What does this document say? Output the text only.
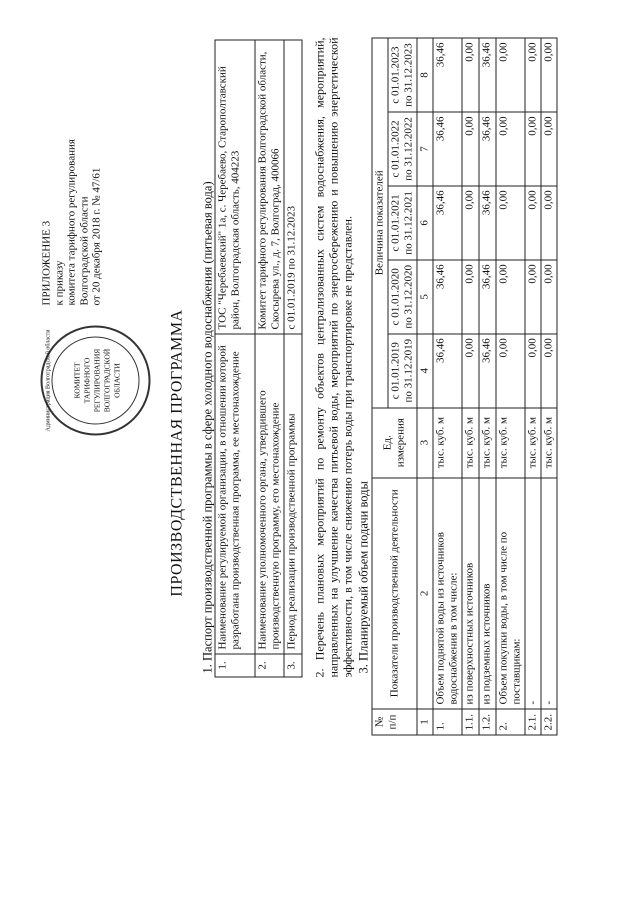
ПРИЛОЖЕНИЕ 3 к приказу комитета тарифного регулирования Волгоградской области от 20 декабря 2018 г. № 47/61
Администрация Волгоградской области	КОМИТЕТ ТАРИФНОГО РЕГУЛИРОВАНИЯ ВОЛГОГРАДСКОЙ ОБЛАСТИ	ПРОИЗВОДСТВЕННАЯ ПРОГРАММА 1. Паспорт производственной программы в сфере холодного водоснабжения (питьевая вода) 1.	Наименование регулируемой организации, в отношении которой разработана производственная программа, ее местонахождение	ТОС "Черебаевский" 1а, с. Черебаево, Старополтавский район, Волгоградская область, 404223
2.	Наименование уполномоченного органа, утвердившего производственную программу, его местонахождение	Комитет тарифного регулирования Волгоградской области, Скосырева ул., д. 7, Волгоград, 400066
3.	Период реализации производственной программы	с 01.01.2019 по 31.12.2023 2. Перечень плановых мероприятий по ремонту объектов централизованных систем водоснабжения, мероприятий, направленных на улучшение качества питьевой воды, мероприятий по энергосбережению и повышению энергетической эффективности, в том числе снижению потерь воды при транспортировке не представлен. 3. Планируемый объем подачи воды
№ п/п	Показатели производственной деятельности	Ед. измерения	Величина показателей				
			с 01.01.2019 по 31.12.2019	с 01.01.2020 по 31.12.2020	с 01.01.2021 по 31.12.2021	с 01.01.2022 по 31.12.2022	с 01.01.2023 по 31.12.2023
1	2	3	4	5	6	7	8
1.	Объем поднятой воды из источников водоснабжения в том числе:	тыс. куб. м	36,46	36,46	36,46	36,46	36,46
1.1.	из поверхностных источников	тыс. куб. м	0,00	0,00	0,00	0,00	0,00
1.2.	из подземных источников	тыс. куб. м	36,46	36,46	36,46	36,46	36,46
2.	Объем покупки воды, в том числе по поставщикам:	тыс. куб. м	0,00	0,00	0,00	0,00	0,00
2.1.	-	тыс. куб. м	0,00	0,00	0,00	0,00	0,00
2.2.	-	тыс. куб. м	0,00	0,00	0,00	0,00	0,00
